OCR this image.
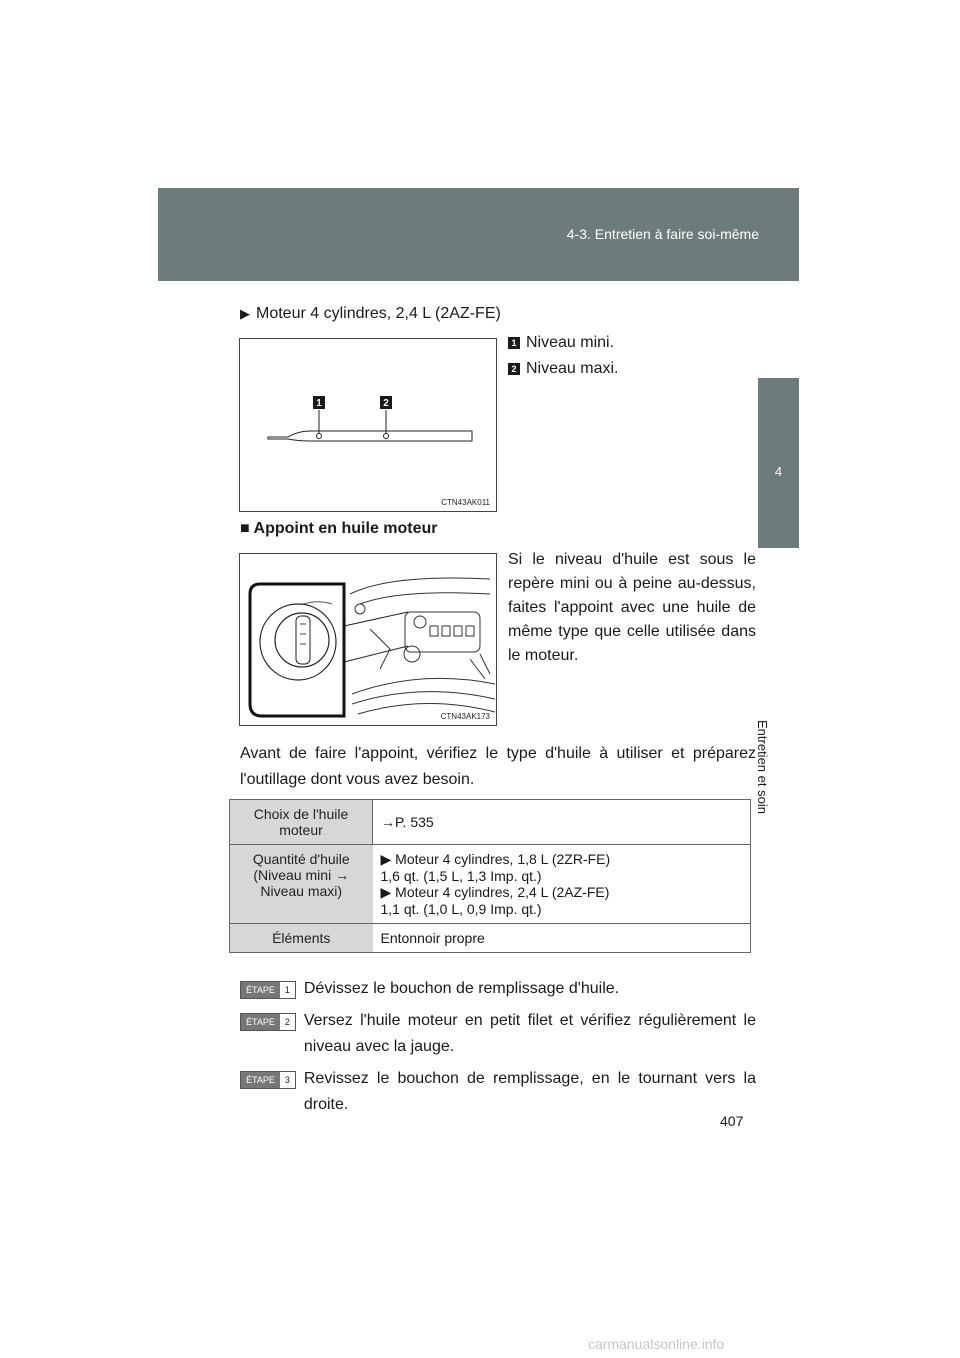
4-3. Entretien à faire soi-même
4
Entretien et soin
▶ Moteur 4 cylindres, 2,4 L (2AZ-FE)
1	2
CTN43AK011
1 Niveau mini.
2 Niveau maxi.
■ Appoint en huile moteur
CTN43AK173
Si le niveau d'huile est sous le repère mini ou à peine au-dessus, faites l'appoint avec une huile de même type que celle utilisée dans le moteur.
Avant de faire l'appoint, vérifiez le type d'huile à utiliser et préparez l'outillage dont vous avez besoin.
Choix de l'huile moteur	→P. 535

Quantité d'huile (Niveau mini → Niveau maxi)	▶ Moteur 4 cylindres, 1,8 L (2ZR-FE)
1,6 qt. (1,5 L, 1,3 Imp. qt.)
▶ Moteur 4 cylindres, 2,4 L (2AZ-FE)
1,1 qt. (1,0 L, 0,9 Imp. qt.)

Éléments	Entonnoir propre
ÉTAPE	1 Dévissez le bouchon de remplissage d'huile.
ÉTAPE	2 Versez l'huile moteur en petit filet et vérifiez régulièrement le niveau avec la jauge.
ÉTAPE	3 Revissez le bouchon de remplissage, en le tournant vers la droite.
407
carmanualsonline.info
